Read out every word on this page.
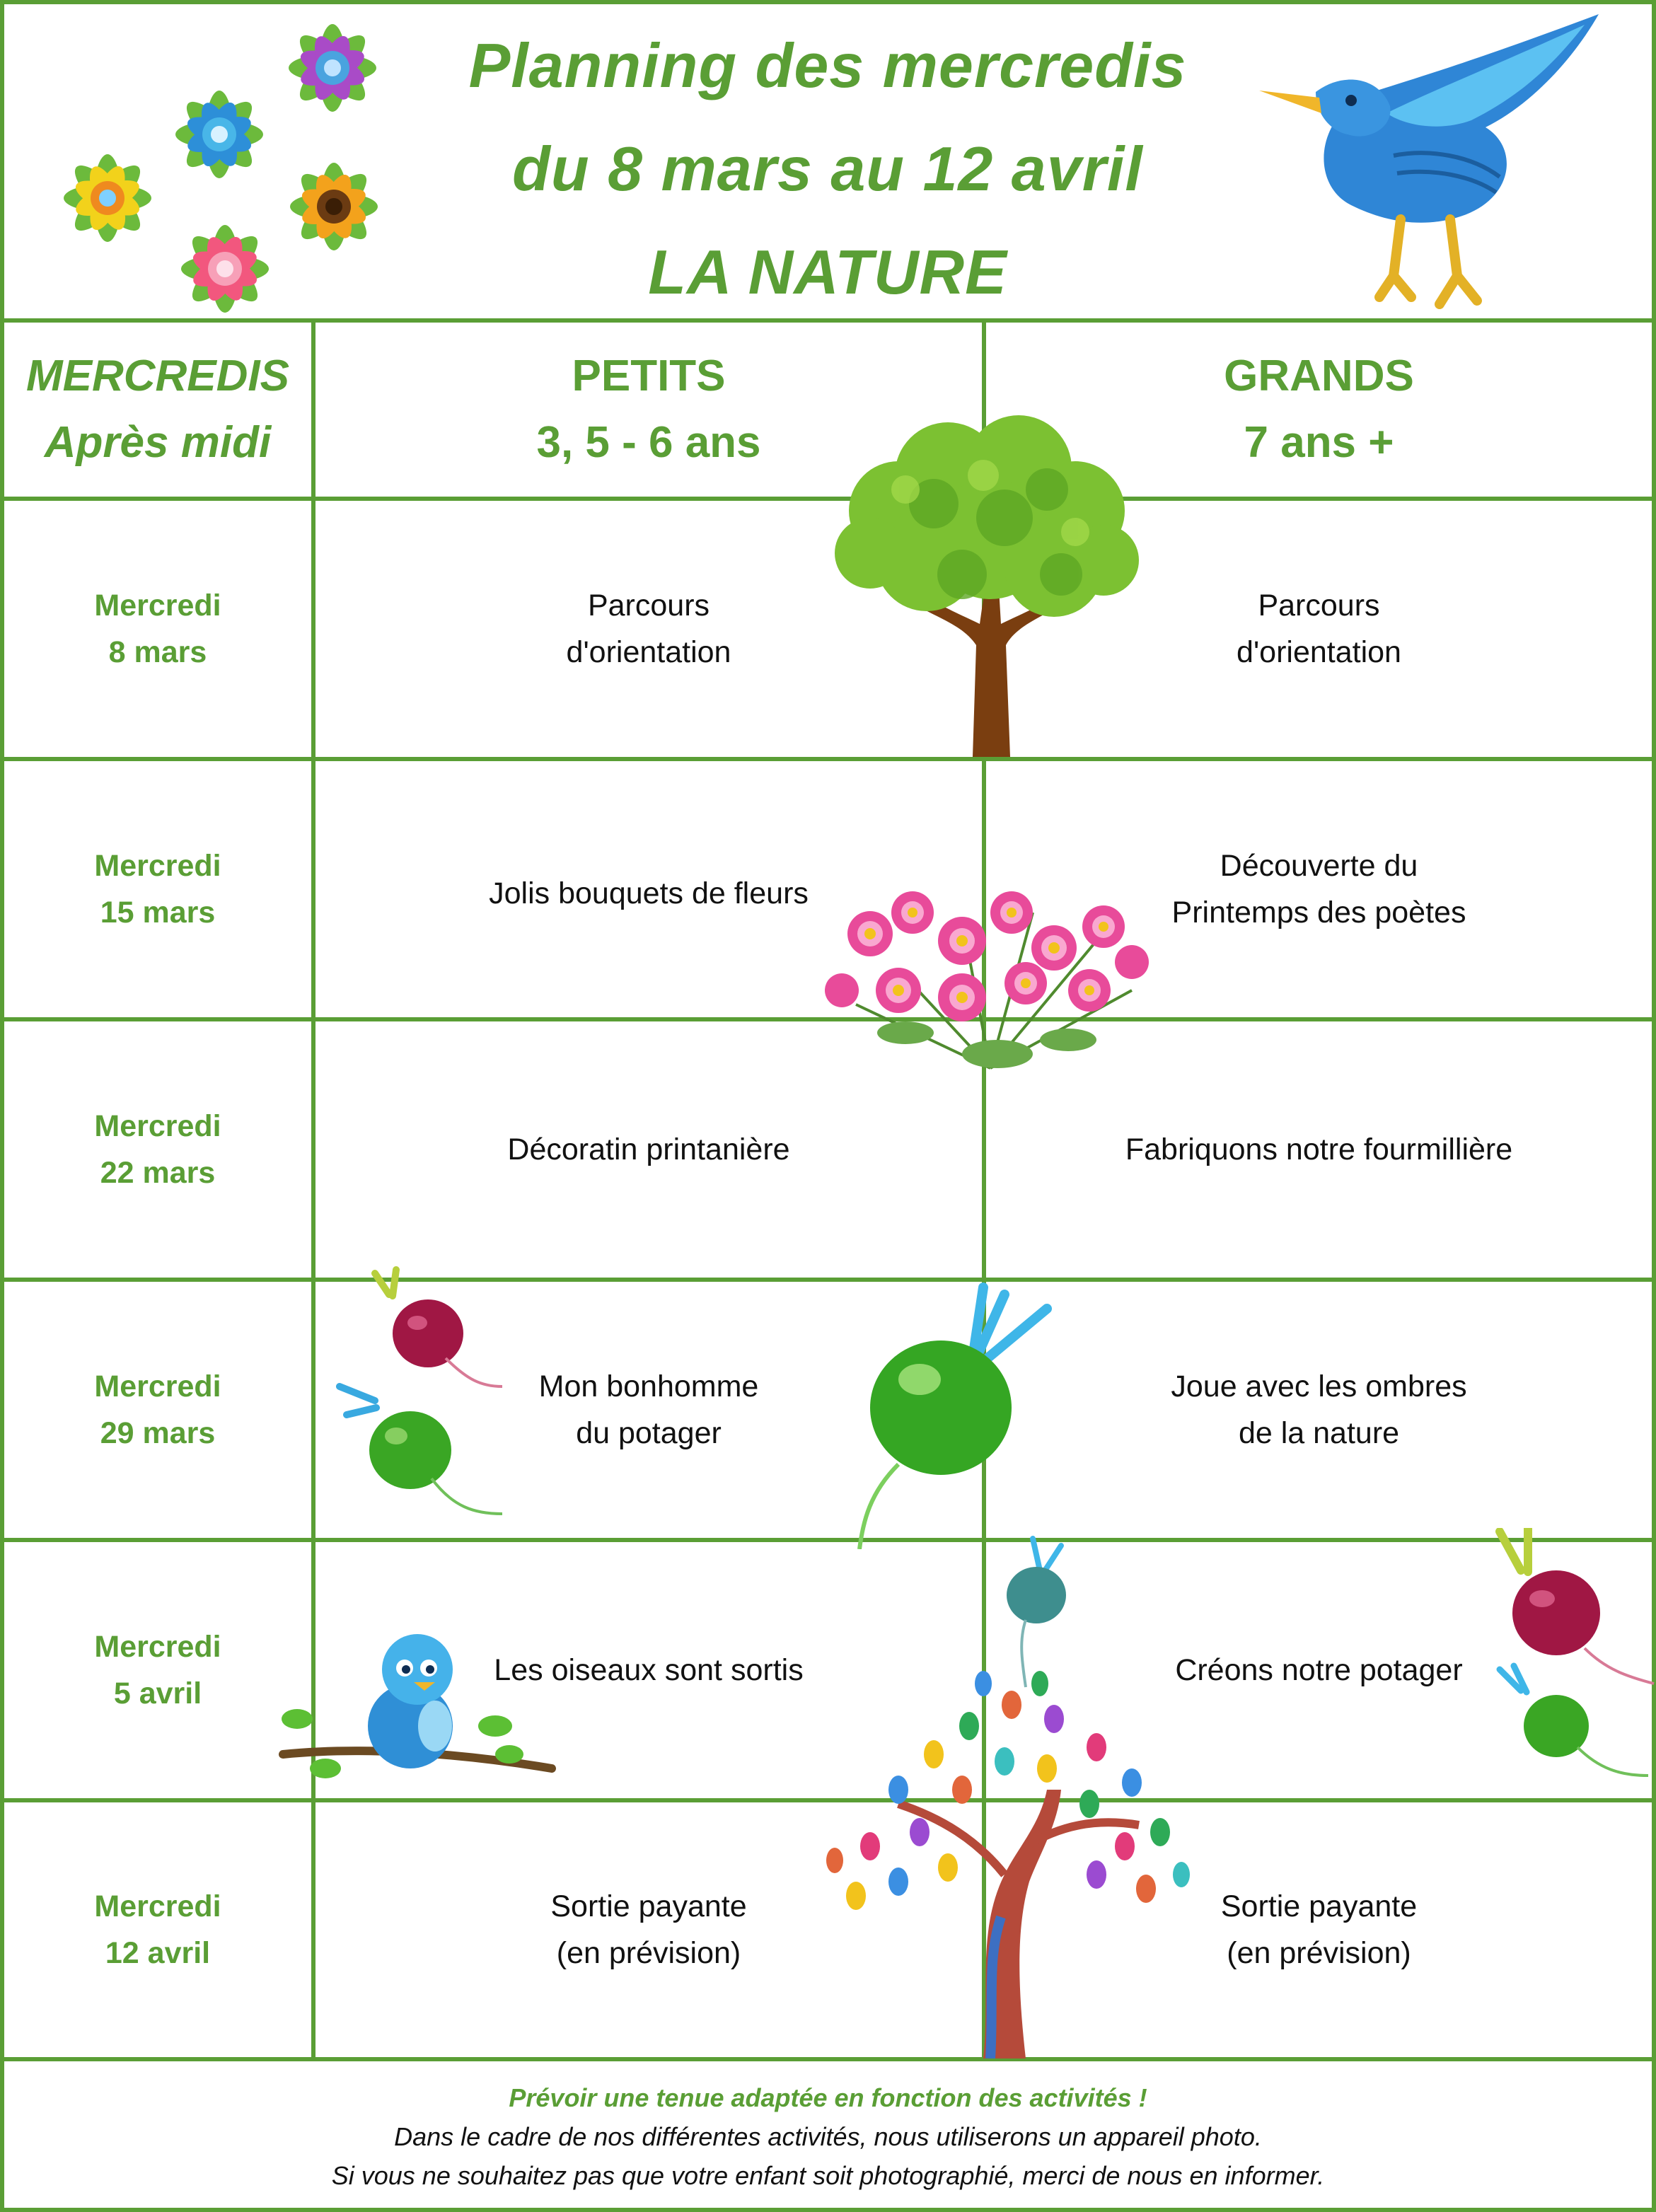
Planning des mercredis
du 8 mars au 12 avril
LA NATURE
MERCREDIS
Après midi
PETITS
3, 5 - 6 ans
GRANDS
7 ans +
Mercredi
8 mars
Parcours
d'orientation
Parcours
d'orientation
Mercredi
15 mars
Jolis bouquets de fleurs
Découverte du
Printemps des poètes
Mercredi
22 mars
Décoratin printanière	Fabriquons notre fourmillière
Mercredi
29 mars
Mon bonhomme
du potager
Joue avec les ombres
de la nature
Mercredi
5 avril
Les oiseaux sont sortis	Créons notre potager
Mercredi
12 avril
Sortie payante
(en prévision)
Sortie payante
(en prévision)
Prévoir une tenue adaptée en fonction des activités !
Dans le cadre de nos différentes activités, nous utiliserons un appareil photo.
Si vous ne souhaitez pas que votre enfant soit photographié, merci de nous en informer.
